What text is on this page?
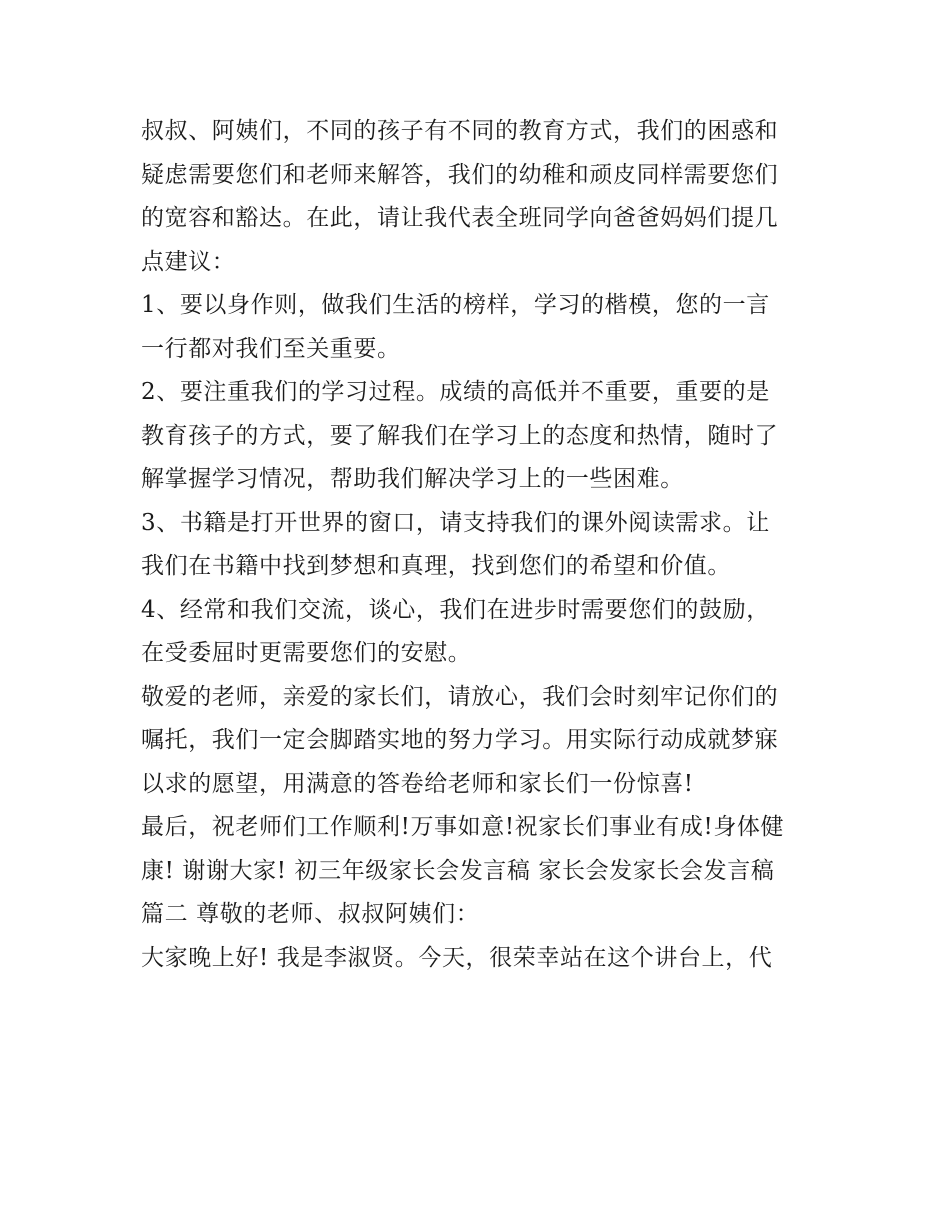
叔叔、阿姨们，不同的孩子有不同的教育方式，我们的困惑和

疑虑需要您们和老师来解答，我们的幼稚和顽皮同样需要您们

的宽容和豁达。在此，请让我代表全班同学向爸爸妈妈们提几

点建议：

1、要以身作则，做我们生活的榜样，学习的楷模，您的一言

一行都对我们至关重要。

2、要注重我们的学习过程。成绩的高低并不重要，重要的是

教育孩子的方式，要了解我们在学习上的态度和热情，随时了

解掌握学习情况，帮助我们解决学习上的一些困难。

3、书籍是打开世界的窗口，请支持我们的课外阅读需求。让

我们在书籍中找到梦想和真理，找到您们的希望和价值。

4、经常和我们交流，谈心，我们在进步时需要您们的鼓励，

在受委屈时更需要您们的安慰。

敬爱的老师，亲爱的家长们，请放心，我们会时刻牢记你们的

嘱托，我们一定会脚踏实地的努力学习。用实际行动成就梦寐

以求的愿望，用满意的答卷给老师和家长们一份惊喜!

最后，祝老师们工作顺利!万事如意!祝家长们事业有成!身体健

康! 谢谢大家! 初三年级家长会发言稿 家长会发家长会发言稿

篇二 尊敬的老师、叔叔阿姨们：

大家晚上好! 我是李淑贤。今天，很荣幸站在这个讲台上，代
